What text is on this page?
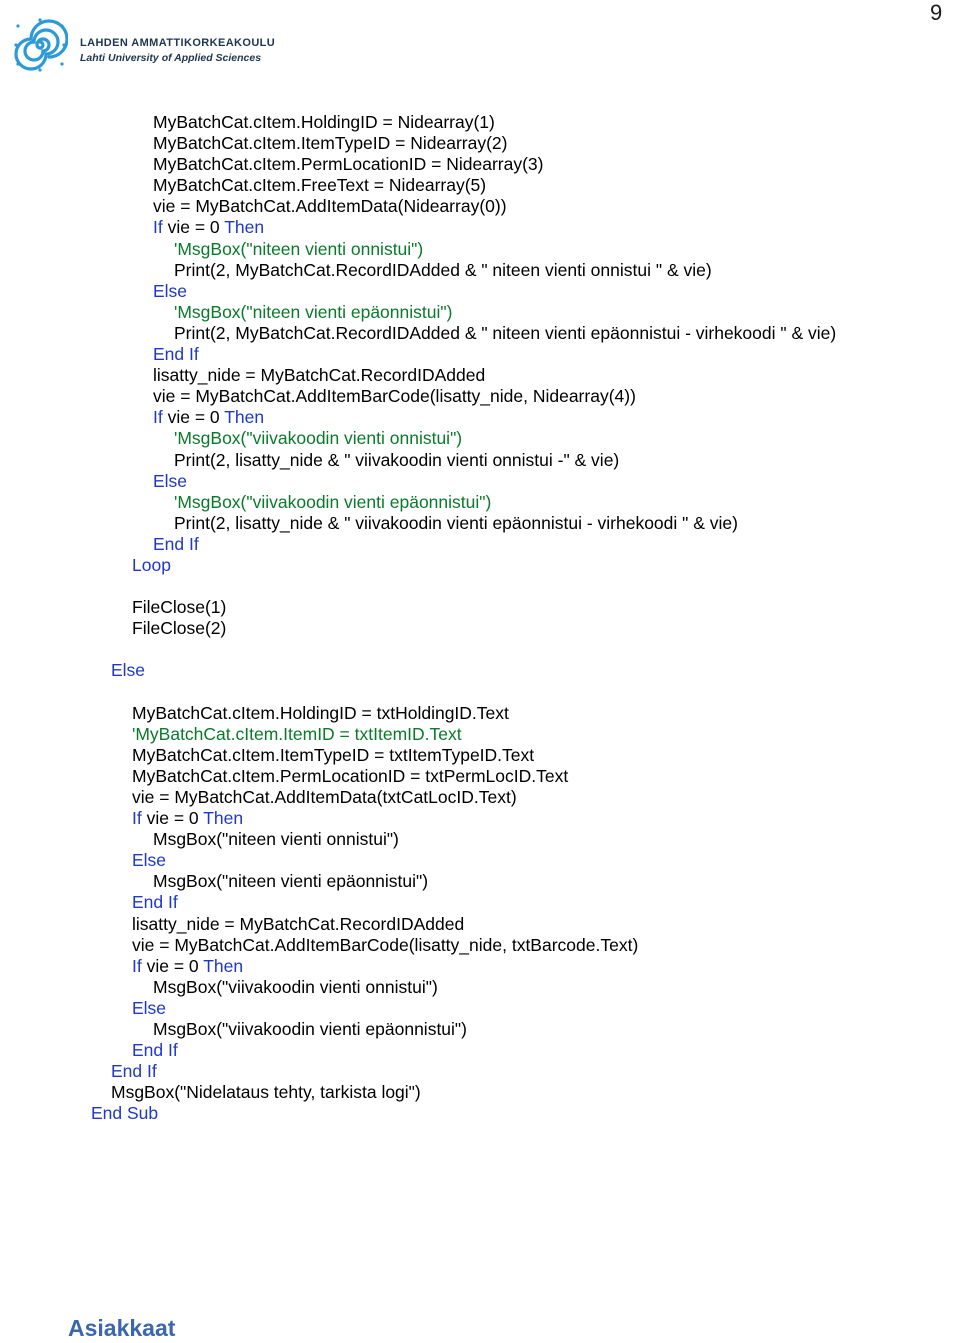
LAHDEN AMMATTIKORKEAKOULU
Lahti University of Applied Sciences
9
MyBatchCat.cItem.HoldingID = Nidearray(1)
MyBatchCat.cItem.ItemTypeID = Nidearray(2)
MyBatchCat.cItem.PermLocationID = Nidearray(3)
MyBatchCat.cItem.FreeText = Nidearray(5)
vie = MyBatchCat.AddItemData(Nidearray(0))
If vie = 0 Then
'MsgBox("niteen vienti onnistui")
Print(2, MyBatchCat.RecordIDAdded & " niteen vienti onnistui " & vie)
Else
'MsgBox("niteen vienti epäonnistui")
Print(2, MyBatchCat.RecordIDAdded & " niteen vienti epäonnistui - virhekoodi " & vie)
End If
lisatty_nide = MyBatchCat.RecordIDAdded
vie = MyBatchCat.AddItemBarCode(lisatty_nide, Nidearray(4))
If vie = 0 Then
'MsgBox("viivakoodin vienti onnistui")
Print(2, lisatty_nide & " viivakoodin vienti onnistui -" & vie)
Else
'MsgBox("viivakoodin vienti epäonnistui")
Print(2, lisatty_nide & " viivakoodin vienti epäonnistui - virhekoodi " & vie)
End If
Loop
FileClose(1)
FileClose(2)
Else
MyBatchCat.cItem.HoldingID = txtHoldingID.Text
'MyBatchCat.cItem.ItemID = txtItemID.Text
MyBatchCat.cItem.ItemTypeID = txtItemTypeID.Text
MyBatchCat.cItem.PermLocationID = txtPermLocID.Text
vie = MyBatchCat.AddItemData(txtCatLocID.Text)
If vie = 0 Then
MsgBox("niteen vienti onnistui")
Else
MsgBox("niteen vienti epäonnistui")
End If
lisatty_nide = MyBatchCat.RecordIDAdded
vie = MyBatchCat.AddItemBarCode(lisatty_nide, txtBarcode.Text)
If vie = 0 Then
MsgBox("viivakoodin vienti onnistui")
Else
MsgBox("viivakoodin vienti epäonnistui")
End If
End If
MsgBox("Nidelataus tehty, tarkista logi")
End Sub
Asiakkaat
